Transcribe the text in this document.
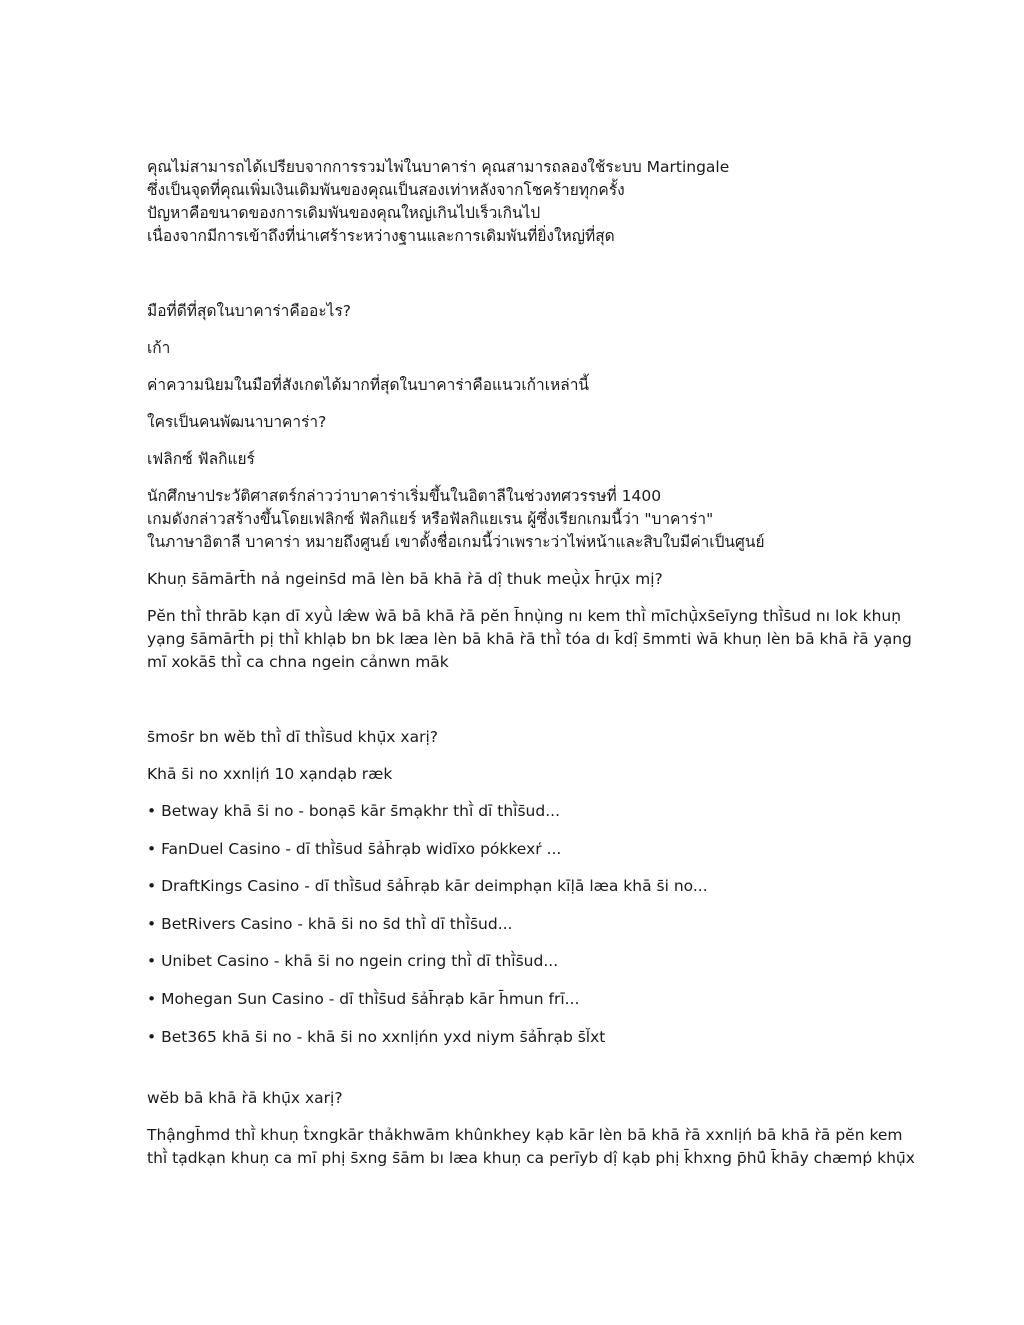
คุณไม่สามารถได้เปรียบจากการรวมไพ่ในบาคาร่า คุณสามารถลองใช้ระบบ Martingale
ซึ่งเป็นจุดที่คุณเพิ่มเงินเดิมพันของคุณเป็นสองเท่าหลังจากโชคร้ายทุกครั้ง
ปัญหาคือขนาดของการเดิมพันของคุณใหญ่เกินไปเร็วเกินไป
เนื่องจากมีการเข้าถึงที่น่าเศร้าระหว่างฐานและการเดิมพันที่ยิ่งใหญ่ที่สุด

มือที่ดีที่สุดในบาคาร่าคืออะไร?

เก้า

ค่าความนิยมในมือที่สังเกตได้มากที่สุดในบาคาร่าคือแนวเก้าเหล่านี้

ใครเป็นคนพัฒนาบาคาร่า?

เฟลิกซ์ ฟัลกิแยร์

นักศึกษาประวัติศาสตร์กล่าวว่าบาคาร่าเริ่มขึ้นในอิตาลีในช่วงทศวรรษที่ 1400
เกมดังกล่าวสร้างขึ้นโดยเฟลิกซ์ ฟัลกิแยร์ หรือฟัลกิแยเรน ผู้ซึ่งเรียกเกมนี้ว่า "บาคาร่า"
ในภาษาอิตาลี บาคาร่า หมายถึงศูนย์ เขาตั้งชื่อเกมนี้ว่าเพราะว่าไพ่หน้าและสิบใบมีค่าเป็นศูนย์

Khuṇ s̄āmārt̄h nả ngeins̄d mā lèn bā khā r̀ā dị̂ thuk meụ̄̀x h̄rụ̄x mị?

Pĕn thī̀ thrāb kạn dī xyū̀ læ̂w ẁā bā khā r̀ā pĕn h̄nụ̀ng nı kem thī̀ mīchụ̄̀xs̄eīyng thī̀s̄ud nı lok khuṇ
yạng s̄āmārt̄h pị thī̀ khlạb bn bk læa lèn bā khā r̀ā thī̀ tóa dı k̄dị̂ s̄mmti ẁā khuṇ lèn bā khā r̀ā yạng
mī xokās̄ thī̀ ca chna ngein cảnwn māk

s̄mos̄r bn wĕb thī̀ dī thī̀s̄ud khụ̄x xarị?

Khā s̄i no xxnlịń̒ 10 xạndạb ræk

• Betway khā s̄i no - bonạs̄ kār s̄mạkhr thī̀ dī thī̀s̄ud...
• FanDuel Casino - dī thī̀s̄ud s̄ảh̄rạb widīxo pókkexr̒ ...
• DraftKings Casino - dī thī̀s̄ud s̄ảh̄rạb kār deimphạn kīḷā læa khā s̄i no...
• BetRivers Casino - khā s̄i no s̄d thī̀ dī thī̀s̄ud...
• Unibet Casino - khā s̄i no ngein cring thī̀ dī thī̀s̄ud...
• Mohegan Sun Casino - dī thī̀s̄ud s̄ảh̄rạb kār h̄mun frī...
• Bet365 khā s̄i no - khā s̄i no xxnlịńn yxd niym s̄ảh̄rạb s̄l̆xt

wĕb bā khā r̀ā khụ̄x xarị?

Thậngh̄md thī̀ khuṇ t̂xngkār thảkhwām khûnkhey kạb kār lèn bā khā r̀ā xxnlịń bā khā r̀ā pĕn kem
thī̀ tạdkạn khuṇ ca mī phị s̄xng s̄ām bı læa khuṇ ca perīyb dị̂ kạb phị k̄hxng p̄hū̂ k̄hāy chæmp̒ khụ̄x
